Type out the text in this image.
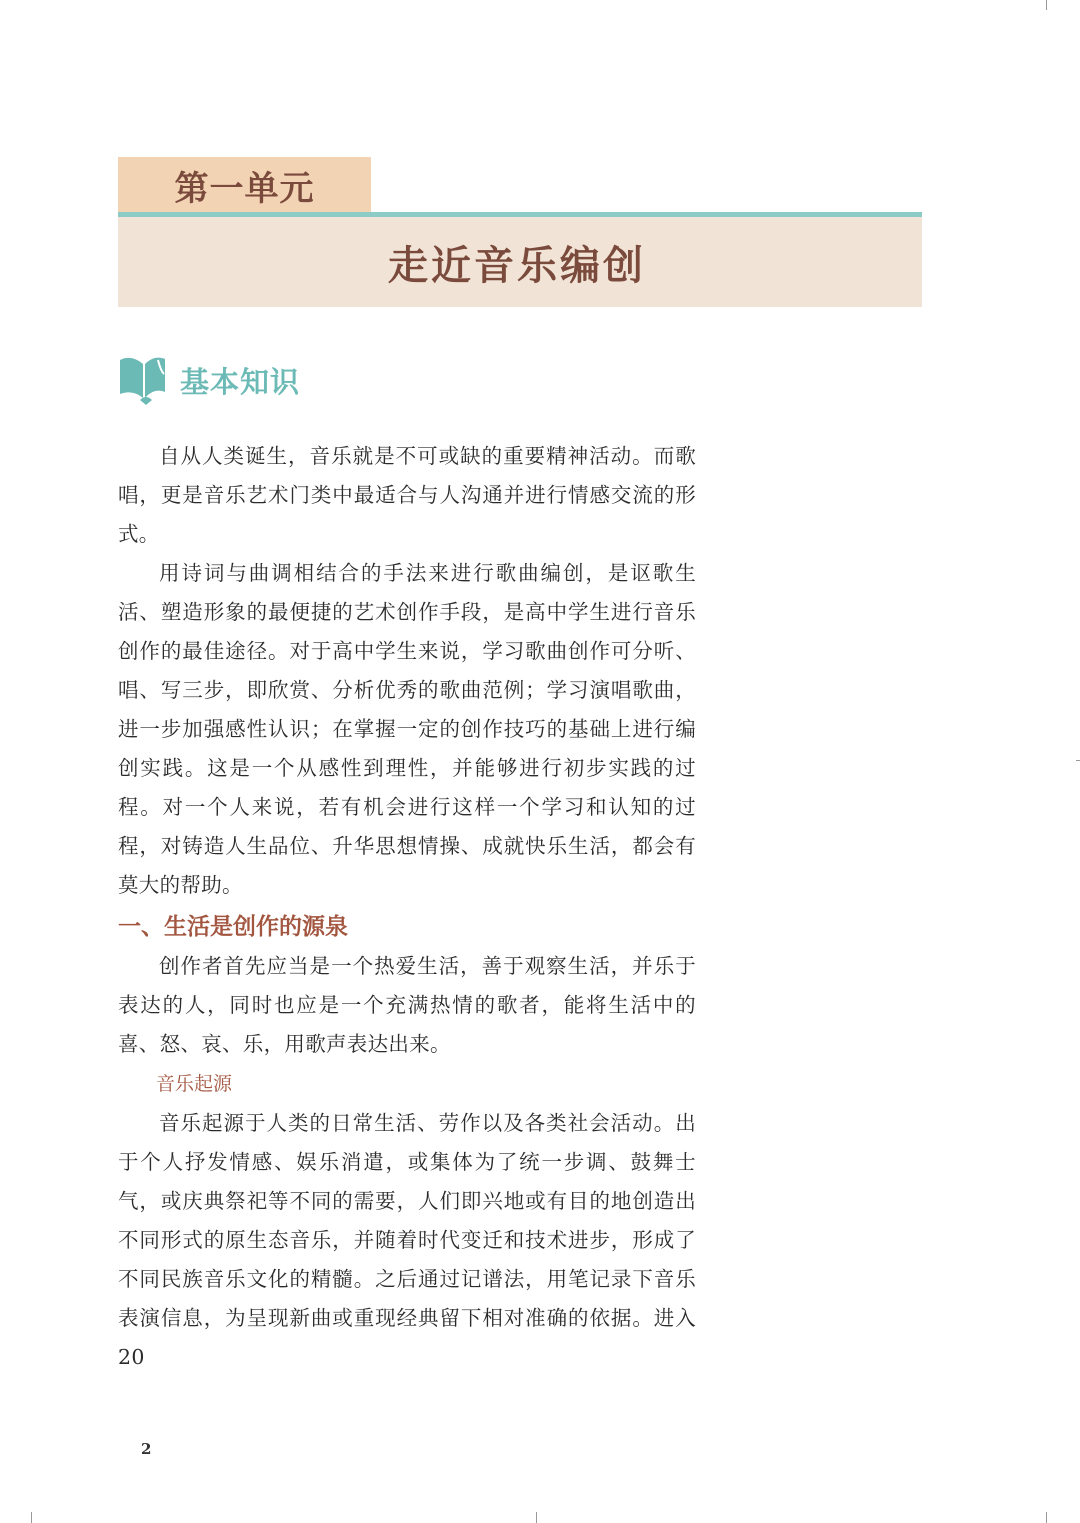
第一单元
走近音乐编创
基本知识

自从人类诞生，音乐就是不可或缺的重要精神活动。而歌唱，更是音乐艺术门类中最适合与人沟通并进行情感交流的形式。

用诗词与曲调相结合的手法来进行歌曲编创，是讴歌生活、塑造形象的最便捷的艺术创作手段，是高中学生进行音乐创作的最佳途径。对于高中学生来说，学习歌曲创作可分听、唱、写三步，即欣赏、分析优秀的歌曲范例；学习演唱歌曲，进一步加强感性认识；在掌握一定的创作技巧的基础上进行编创实践。这是一个从感性到理性，并能够进行初步实践的过程。对一个人来说，若有机会进行这样一个学习和认知的过程，对铸造人生品位、升华思想情操、成就快乐生活，都会有莫大的帮助。

一、生活是创作的源泉

创作者首先应当是一个热爱生活，善于观察生活，并乐于表达的人，同时也应是一个充满热情的歌者，能将生活中的喜、怒、哀、乐，用歌声表达出来。

音乐起源

音乐起源于人类的日常生活、劳作以及各类社会活动。出于个人抒发情感、娱乐消遣，或集体为了统一步调、鼓舞士气，或庆典祭祀等不同的需要，人们即兴地或有目的地创造出不同形式的原生态音乐，并随着时代变迁和技术进步，形成了不同民族音乐文化的精髓。之后通过记谱法，用笔记录下音乐表演信息，为呈现新曲或重现经典留下相对准确的依据。进入20

2
